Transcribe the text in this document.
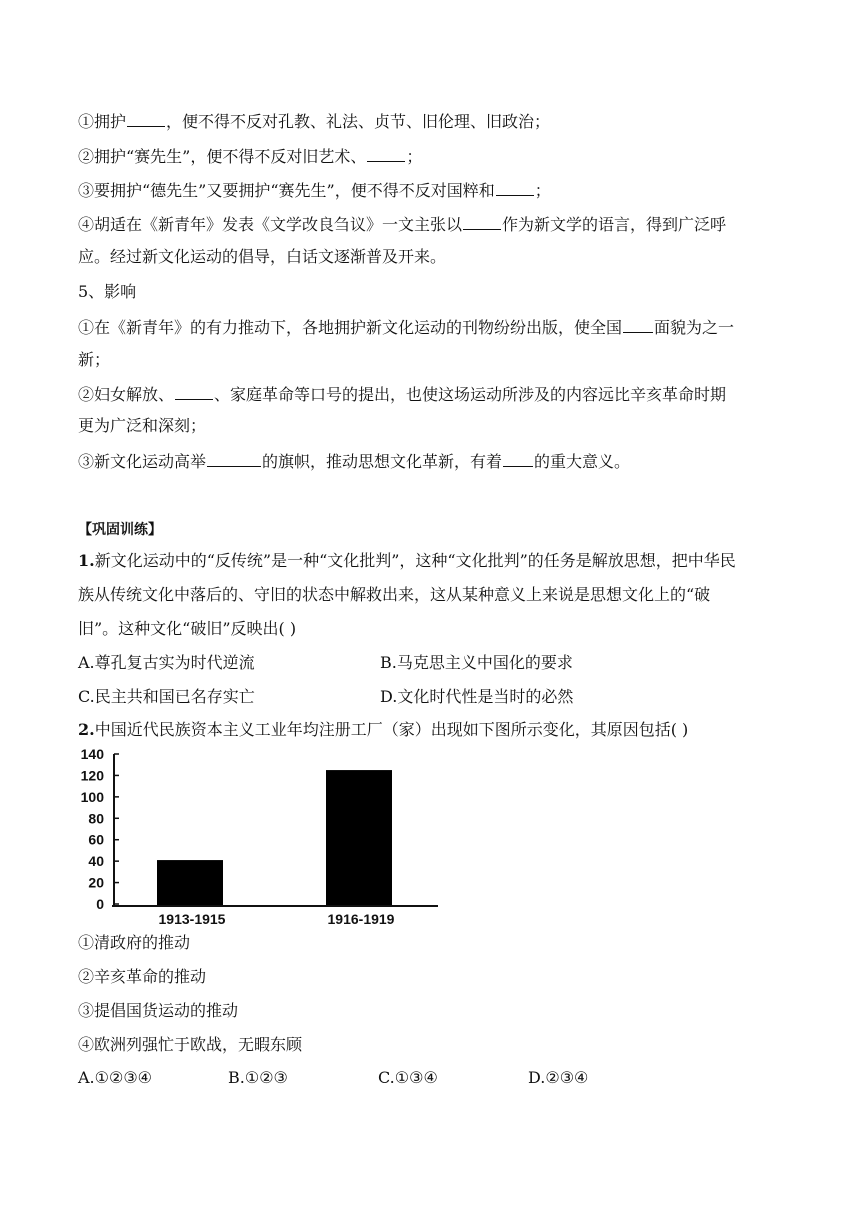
①拥护	，便不得不反对孔教、礼法、贞节、旧伦理、旧政治；
②拥护“赛先生”，便不得不反对旧艺术、	；
③要拥护“德先生”又要拥护“赛先生”，便不得不反对国粹和	；
④胡适在《新青年》发表《文学改良刍议》一文主张以	作为新文学的语言，得到广泛呼
应。经过新文化运动的倡导，白话文逐渐普及开来。
5、影响
①在《新青年》的有力推动下，各地拥护新文化运动的刊物纷纷出版，使全国 面貌为之一
新；
②妇女解放、	、家庭革命等口号的提出，也使这场运动所涉及的内容远比辛亥革命时期
更为广泛和深刻；
③新文化运动高举	的旗帜，推动思想文化革新，有着 的重大意义。
【巩固训练】
1.新文化运动中的“反传统”是一种“文化批判”，这种“文化批判”的任务是解放思想，把中华民
族从传统文化中落后的、守旧的状态中解救出来，这从某种意义上来说是思想文化上的“破
旧”。这种文化“破旧”反映出( )
A.尊孔复古实为时代逆流	B.马克思主义中国化的要求
C.民主共和国已名存实亡	D.文化时代性是当时的必然
2.中国近代民族资本主义工业年均注册工厂（家）出现如下图所示变化，其原因包括( )
0
20
40
60
80
100
120
140
1913-1915	1916-1919
①清政府的推动
②辛亥革命的推动
③提倡国货运动的推动
④欧洲列强忙于欧战，无暇东顾
A.①②③④	B.①②③	C.①③④	D.②③④
